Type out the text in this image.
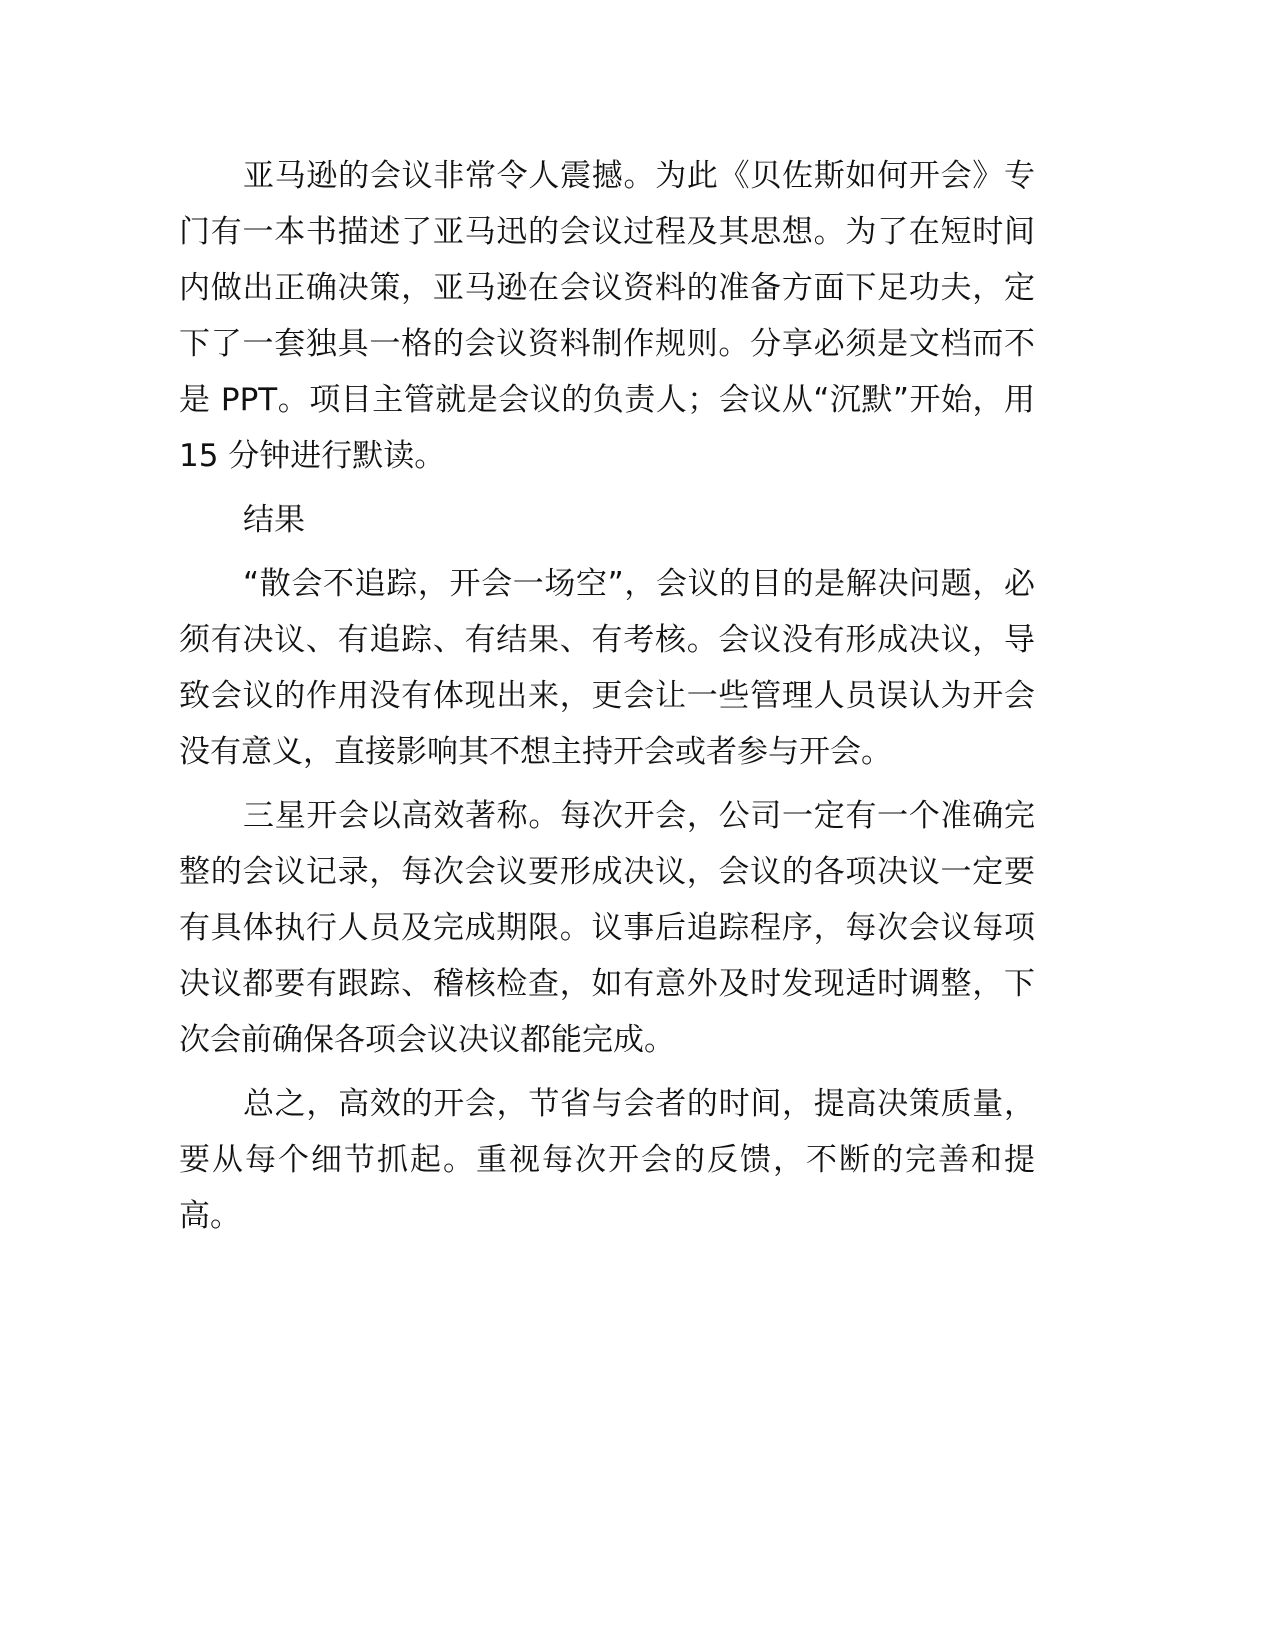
亚马逊的会议非常令人震撼。为此《贝佐斯如何开会》专门有一本书描述了亚马迅的会议过程及其思想。为了在短时间内做出正确决策，亚马逊在会议资料的准备方面下足功夫，定下了一套独具一格的会议资料制作规则。分享必须是文档而不是 PPT。项目主管就是会议的负责人；会议从“沉默”开始，用 15 分钟进行默读。

结果

“散会不追踪，开会一场空”，会议的目的是解决问题，必须有决议、有追踪、有结果、有考核。会议没有形成决议，导致会议的作用没有体现出来，更会让一些管理人员误认为开会没有意义，直接影响其不想主持开会或者参与开会。

三星开会以高效著称。每次开会，公司一定有一个准确完整的会议记录，每次会议要形成决议，会议的各项决议一定要有具体执行人员及完成期限。议事后追踪程序，每次会议每项决议都要有跟踪、稽核检查，如有意外及时发现适时调整，下次会前确保各项会议决议都能完成。

总之，高效的开会，节省与会者的时间，提高决策质量，要从每个细节抓起。重视每次开会的反馈，不断的完善和提高。
